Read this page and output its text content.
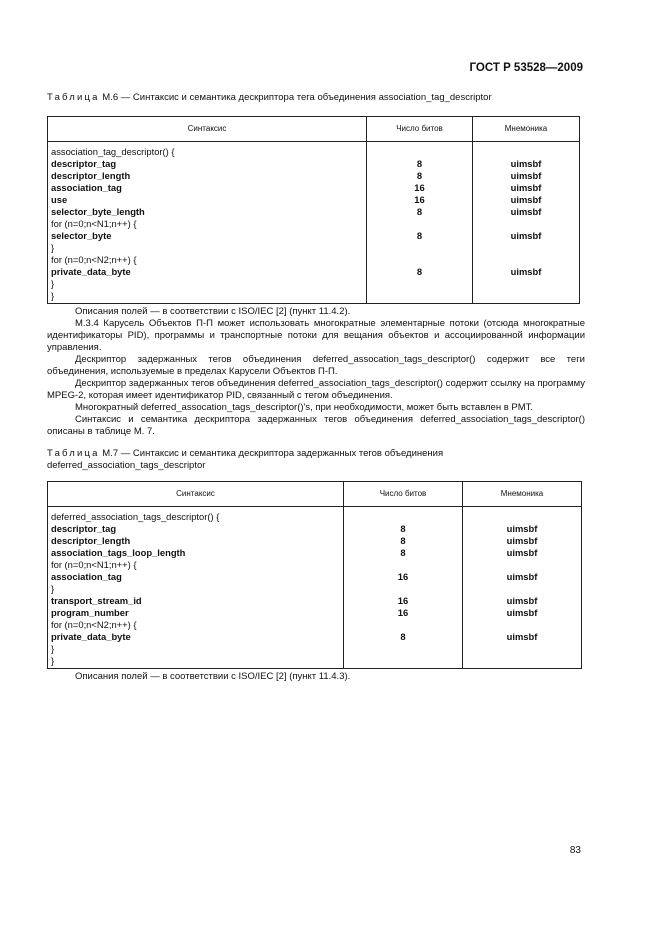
ГОСТ Р 53528—2009
Таблица М.6 — Синтаксис и семантика дескриптора тега объединения association_tag_descriptor
Синтаксис	Число битов	Мнемоника
association_tag_descriptor() {		
descriptor_tag	8	uimsbf
descriptor_length	8	uimsbf
association_tag	16	uimsbf
use	16	uimsbf
selector_byte_length	8	uimsbf
for (n=0;n<N1;n++) {		
selector_byte	8	uimsbf
}		
for (n=0;n<N2;n++) {		
private_data_byte	8	uimsbf
}		
}		

Описания полей — в соответствии с ISO/IEC [2] (пункт 11.4.2).

M.3.4 Карусель Объектов П-П может использовать многократные элементарные потоки (отсюда многократные идентификаторы PID), программы и транспортные потоки для вещания объектов и ассоциированной информации управления.

Дескриптор задержанных тегов объединения deferred_assocation_tags_descriptor() содержит все теги объединения, используемые в пределах Карусели Объектов П-П.

Дескриптор задержанных тегов объединения deferred_association_tags_descriptor() содержит ссылку на программу MPEG-2, которая имеет идентификатор PID, связанный с тегом объединения.

Многократный deferred_assocation_tags_descriptor()'s, при необходимости, может быть вставлен в PMT.

Синтаксис и семантика дескриптора задержанных тегов объединения deferred_association_tags_descriptor() описаны в таблице М. 7.

Таблица М.7 — Синтаксис и семантика дескриптора задержанных тегов объединения deferred_association_tags_descriptor
Синтаксис	Число битов	Мнемоника
deferred_association_tags_descriptor() {		
descriptor_tag	8	uimsbf
descriptor_length	8	uimsbf
association_tags_loop_length	8	uimsbf
for (n=0;n<N1;n++) {		
association_tag	16	uimsbf
}		
transport_stream_id	16	uimsbf
program_number	16	uimsbf
for (n=0;n<N2;n++) {		
private_data_byte	8	uimsbf
}		
}		

Описания полей — в соответствии с ISO/IEC [2] (пункт 11.4.3).

83
